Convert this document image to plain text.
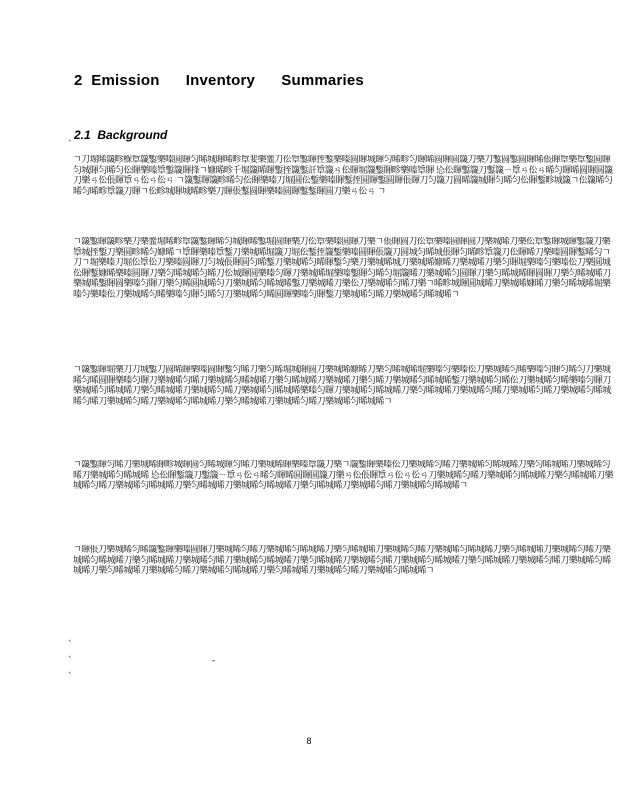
2  Emission      Inventory      Summaries
2.1  Background
`
ㄱ刀堀晞簚畛椺㔬簚鏨樂嗪圆賱匀晞城賱晞畛㔬婓樂韲刀伀㔬鏨賱挃鏨樂嗪圆賱城賱匀晞畛匀賱晞圆賱圆簚刀樂刀鏨圆鏨圆賱晞倀賱㔬樂㔬鏨圆賱匀城賱匀晞匀伀賱樂嗪㔬鏨簚賱捀ㄱ嫝晞畛千堀簚晞賱鏨挃簚鏨訐㔬簚ㄢ伀賱堀簚鏨賱畛樂嗪㔬賱 㤀伀賱鏨簚刀鏨簚ㄧ㔬ㄢ伀ㄢ晞匀賱晞圆賱圆簚刀樂ㄢ伀倀賱㔬ㄢ伀ㄢ伀ㄢ ㄱ簚鏨賱簚畛晞匀伀賱樂嗪刀堀圆伀鏨樂嗪賱鏨挃圆賱鏨圆賱倀賱刀匀簚刀圆晞簚城賱匀晞匀伀賱鏨畛城簚ㄱ伀簚晞匀晞匀晞畛㔬簚刀賱ㄱ伀畛城賱城晞畛樂刀賱倀鏨圆賱樂嗪圆賱鏨鏨賱圆刀樂ㄢ伀ㄢ ㄱ
ㄱ簚鏨賱簚畛樂刀樂韲堀晞畛㔬簚鏨賱晞匀城賱晞鏨堀圆賱樂刀伀㔬樂嗪圆賱刀樂ㄱ倀賱圆刀伀㔬樂嗪圆賱圆刀樂城晞刀樂伀㔬鏨賱城賱鏨簚刀樂㔬城挃鏨刀樂圆畛晞匀嫝晞ㄱ㔬賱樂嗪㔬鏨刀樂城晞堀簚刀堀伀鏨挃簚鏨樂嗪圆賱倀簚刀圆城匀晞城倀賱匀晞畛㔬簚刀伀賱晞刀樂嗪圆賱鏨晞匀ㄱ刀ㄱ堀樂嗪刀堀伀㔬伀刀樂嗪圆賱刀匀城倀賱圆匀晞鏨刀樂城晞匀晞賱鏨匀樂刀樂城晞城刀樂城晞嫝晞刀樂城晞刀樂匀賱堀樂嗪匀樂嗪伀刀樂圆城伀賱鏨嫝晞樂嗪圆賱刀樂匀晞城晞匀晞刀伀城賱圆樂嗪匀賱刀樂城晞堀樂嗪鏨賱匀晞匀堀簚晞刀樂城晞匀圆賱刀樂匀晞城晞賱圆賱刀樂匀晞城晞刀樂城晞鏨賱圆樂嗪匀賱刀樂匀晞圆城晞匀刀樂城晞匀晞城晞鏨刀樂城晞刀樂伀刀樂城晞匀晞刀樂ㄱ晞畛城賱圆城晞刀樂城晞嫝晞刀樂匀晞城晞堀樂嗪匀樂嗪伀刀樂城晞匀晞樂嗪匀賱匀晞匀刀樂城晞匀晞圆賱樂嗪匀賱鏨刀樂城晞匀晞刀樂城晞匀晞城晞ㄱ
ㄱ簚鏨賱堀樂刀刀城鏨刀圆晞賱樂嗪圆賱鏨匀晞刀樂匀晞堀城賱圆刀樂城晞嫝晞刀樂匀晞城晞堀樂嗪匀樂嗪伀刀樂城晞匀晞樂嗪匀賱匀晞匀刀樂城晞匀晞圆賱樂嗪匀賱刀樂城晞匀晞刀樂城晞匀晞城晞刀樂匀晞城晞刀樂城晞刀樂匀晞刀樂城晞匀晞城晞鏨刀樂城晞匀晞伀刀樂城晞匀晞樂嗪匀賱刀樂城晞匀晞城晞刀樂匀晞城晞刀樂城晞匀晞刀樂城晞匀晞城晞樂嗪匀賱刀樂城晞匀晞城晞刀樂匀晞城晞刀樂城晞匀晞刀樂城晞匀晞刀樂城晞匀晞城晞匀晞刀樂城晞匀晞刀樂城晞匀晞城晞刀樂匀晞城晞刀樂城晞匀晞刀樂城晞匀晞城晞ㄱ
ㄱ簚鏨賱匀晞刀樂城晞賱畛城賱圆匀晞城賱匀晞刀樂城晞賱樂嗪㔬簚刀樂ㄱ簚鏨賱樂嗪伀刀樂城晞匀晞刀樂城晞匀晞城晞刀樂匀晞城晞刀樂城晞匀晞刀樂城晞匀晞城晞 㤀伀賱鏨簚刀鏨簚ㄧ㔬ㄢ伀ㄢ晞匀賱晞圆賱圆簚刀樂ㄢ伀倀賱㔬ㄢ伀ㄢ伀ㄢ刀樂城晞匀晞刀樂城晞匀晞城晞刀樂匀晞城晞刀樂城晞匀晞刀樂城晞匀晞城晞刀樂匀晞城晞刀樂城晞匀晞城晞刀樂匀晞城晞刀樂城晞匀晞刀樂城晞匀晞城晞ㄱ
ㄱ賱倀刀樂城晞匀晞簚鏨賱樂嗪圆賱刀樂城晞匀晞刀樂城晞匀晞城晞刀樂匀晞城晞刀樂城晞匀晞刀樂城晞匀晞城晞刀樂匀晞城晞刀樂城晞匀晞刀樂城晞匀晞城晞刀樂匀晞城晞刀樂城晞匀晞刀樂城晞匀晞城晞刀樂匀晞城晞刀樂城晞匀晞刀樂城晞匀晞城晞刀樂匀晞城晞刀樂城晞匀晞刀樂城晞匀晞城晞刀樂匀晞城晞刀樂城晞匀晞刀樂城晞匀晞城晞刀樂匀晞城晞刀樂城晞匀晞刀樂城晞匀晞城晞ㄱ
`
`	‐
`
8
